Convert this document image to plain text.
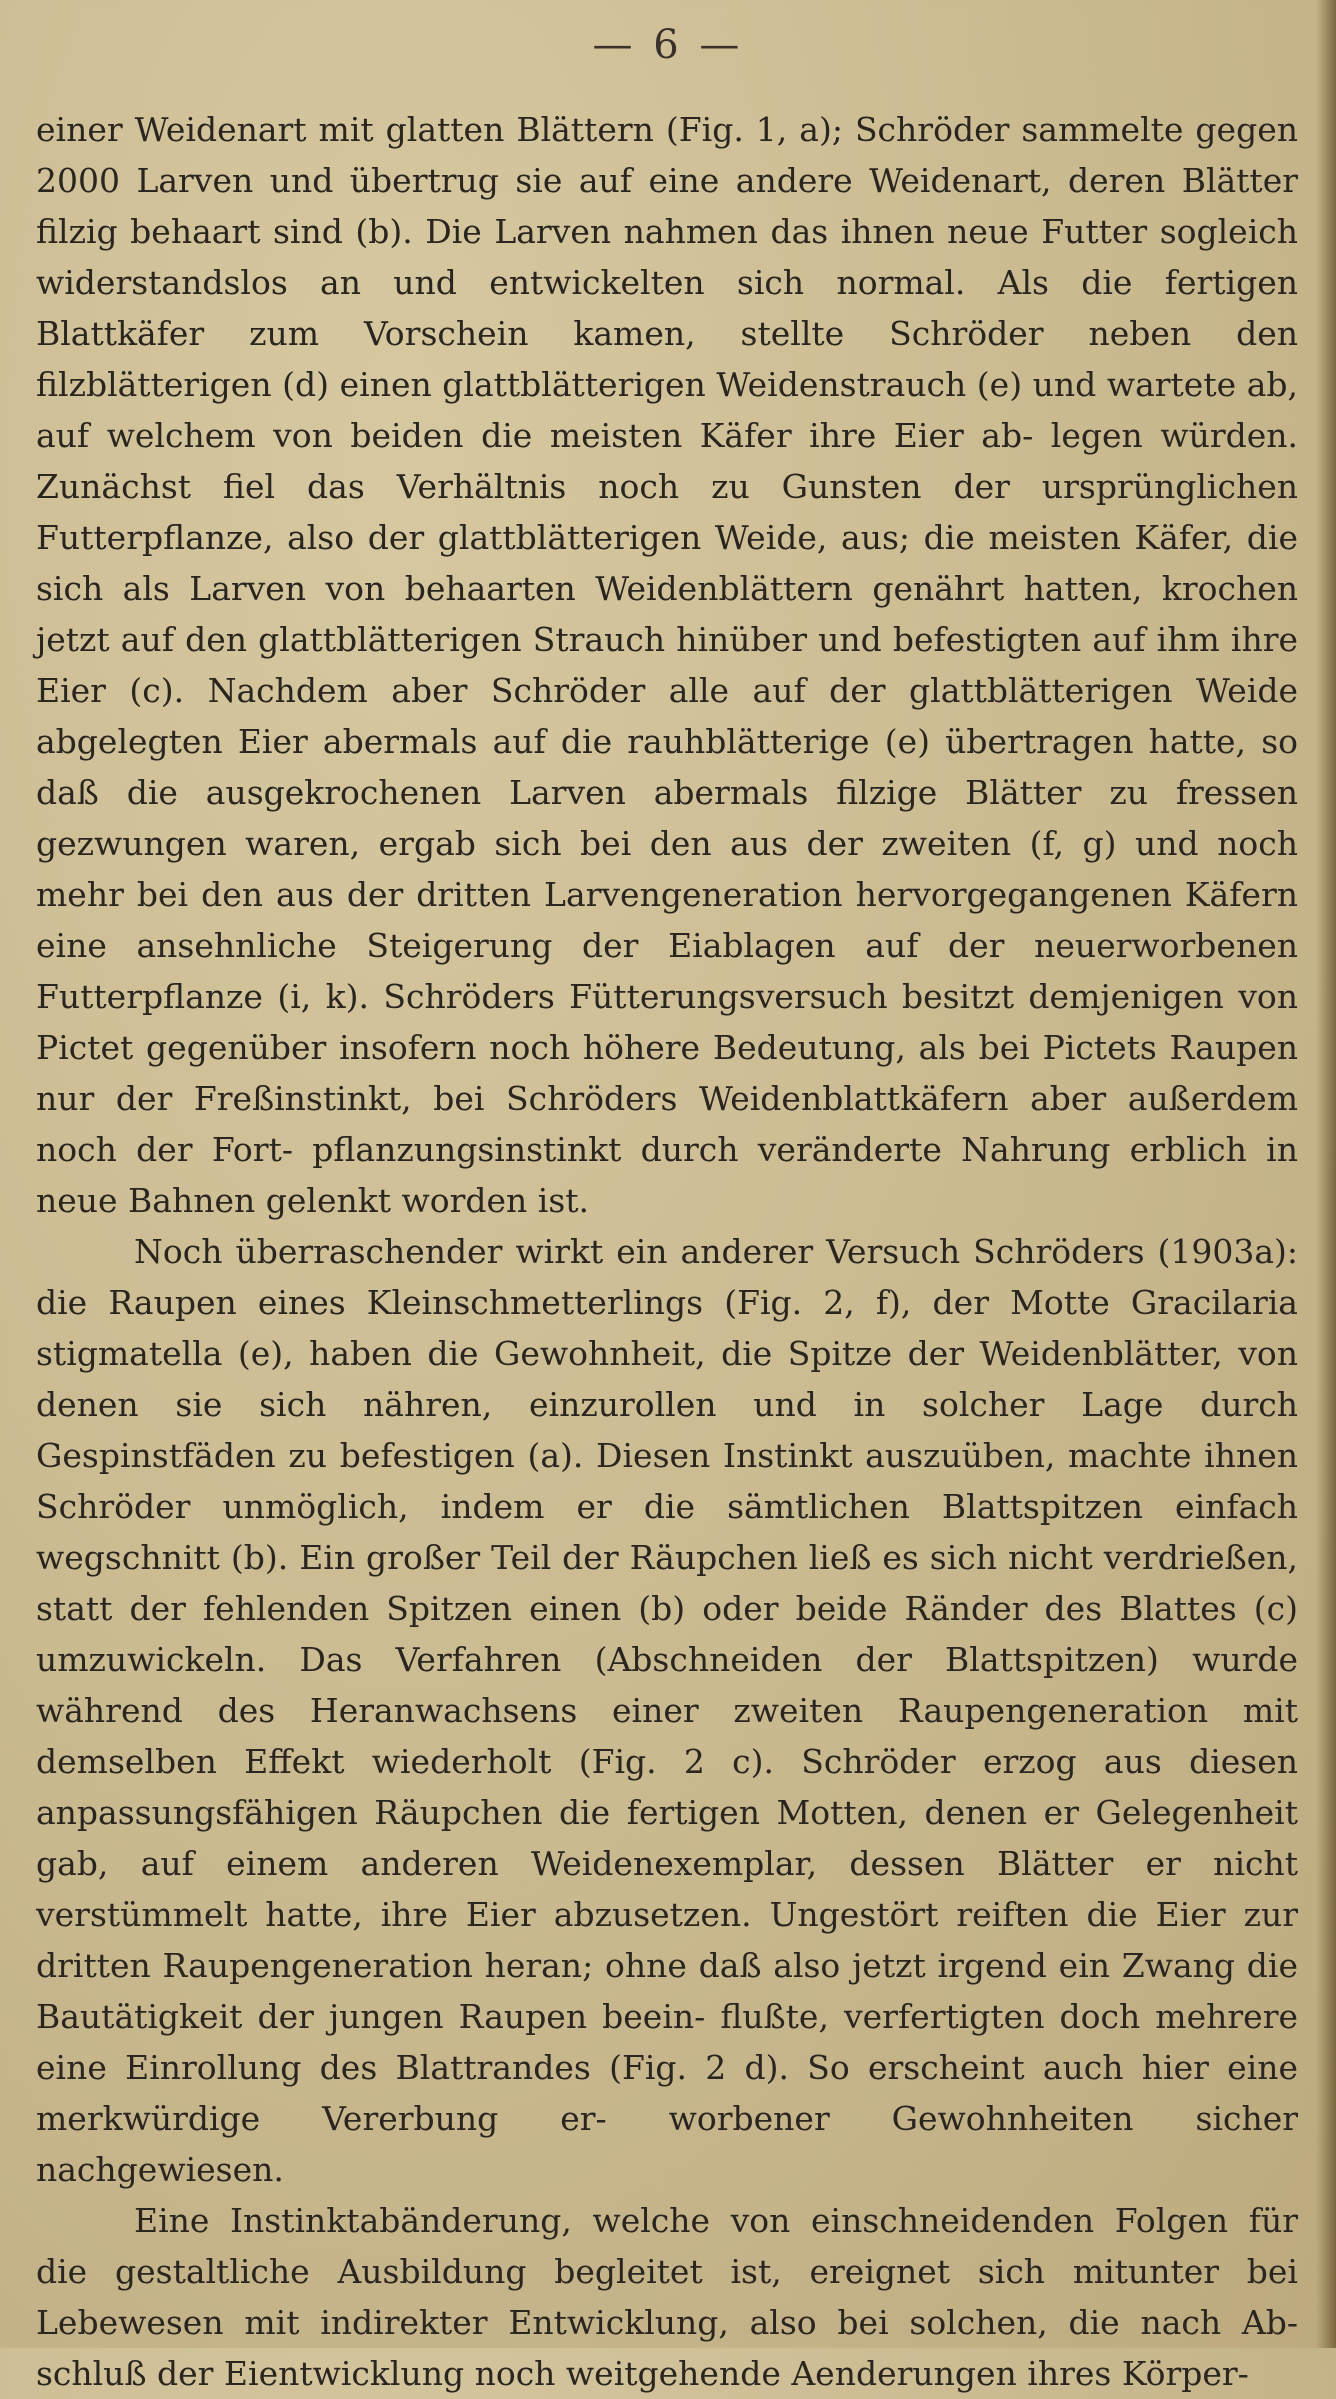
— 6 —

einer Weidenart mit glatten Blättern (Fig. 1, a); Schröder sammelte gegen 2000 Larven und übertrug sie auf eine andere Weidenart, deren Blätter filzig behaart sind (b). Die Larven nahmen das ihnen neue Futter sogleich widerstandslos an und entwickelten sich normal. Als die fertigen Blattkäfer zum Vorschein kamen, stellte Schröder neben den filzblätterigen (d) einen glattblätterigen Weidenstrauch (e) und wartete ab, auf welchem von beiden die meisten Käfer ihre Eier ab- legen würden. Zunächst fiel das Verhältnis noch zu Gunsten der ursprünglichen Futterpflanze, also der glattblätterigen Weide, aus; die meisten Käfer, die sich als Larven von behaarten Weidenblättern genährt hatten, krochen jetzt auf den glattblätterigen Strauch hinüber und befestigten auf ihm ihre Eier (c). Nachdem aber Schröder alle auf der glattblätterigen Weide abgelegten Eier abermals auf die rauhblätterige (e) übertragen hatte, so daß die ausgekrochenen Larven abermals filzige Blätter zu fressen gezwungen waren, ergab sich bei den aus der zweiten (f, g) und noch mehr bei den aus der dritten Larvengeneration hervorgegangenen Käfern eine ansehnliche Steigerung der Eiablagen auf der neuerworbenen Futterpflanze (i, k). Schröders Fütterungsversuch besitzt demjenigen von Pictet gegenüber insofern noch höhere Bedeutung, als bei Pictets Raupen nur der Freßinstinkt, bei Schröders Weidenblattkäfern aber außerdem noch der Fort- pflanzungsinstinkt durch veränderte Nahrung erblich in neue Bahnen gelenkt worden ist.

Noch überraschender wirkt ein anderer Versuch Schröders (1903a): die Raupen eines Kleinschmetterlings (Fig. 2, f), der Motte Gracilaria stigmatella (e), haben die Gewohnheit, die Spitze der Weidenblätter, von denen sie sich nähren, einzurollen und in solcher Lage durch Gespinstfäden zu befestigen (a). Diesen Instinkt auszuüben, machte ihnen Schröder unmöglich, indem er die sämtlichen Blattspitzen einfach wegschnitt (b). Ein großer Teil der Räupchen ließ es sich nicht verdrießen, statt der fehlenden Spitzen einen (b) oder beide Ränder des Blattes (c) umzuwickeln. Das Verfahren (Abschneiden der Blattspitzen) wurde während des Heranwachsens einer zweiten Raupengeneration mit demselben Effekt wiederholt (Fig. 2 c). Schröder erzog aus diesen anpassungsfähigen Räupchen die fertigen Motten, denen er Gelegenheit gab, auf einem anderen Weidenexemplar, dessen Blätter er nicht verstümmelt hatte, ihre Eier abzusetzen. Ungestört reiften die Eier zur dritten Raupengeneration heran; ohne daß also jetzt irgend ein Zwang die Bautätigkeit der jungen Raupen beein- flußte, verfertigten doch mehrere eine Einrollung des Blattrandes (Fig. 2 d). So erscheint auch hier eine merkwürdige Vererbung er- worbener Gewohnheiten sicher nachgewiesen.

Eine Instinktabänderung, welche von einschneidenden Folgen für die gestaltliche Ausbildung begleitet ist, ereignet sich mitunter bei Lebewesen mit indirekter Entwicklung, also bei solchen, die nach Ab- schluß der Eientwicklung noch weitgehende Aenderungen ihres Körper-
